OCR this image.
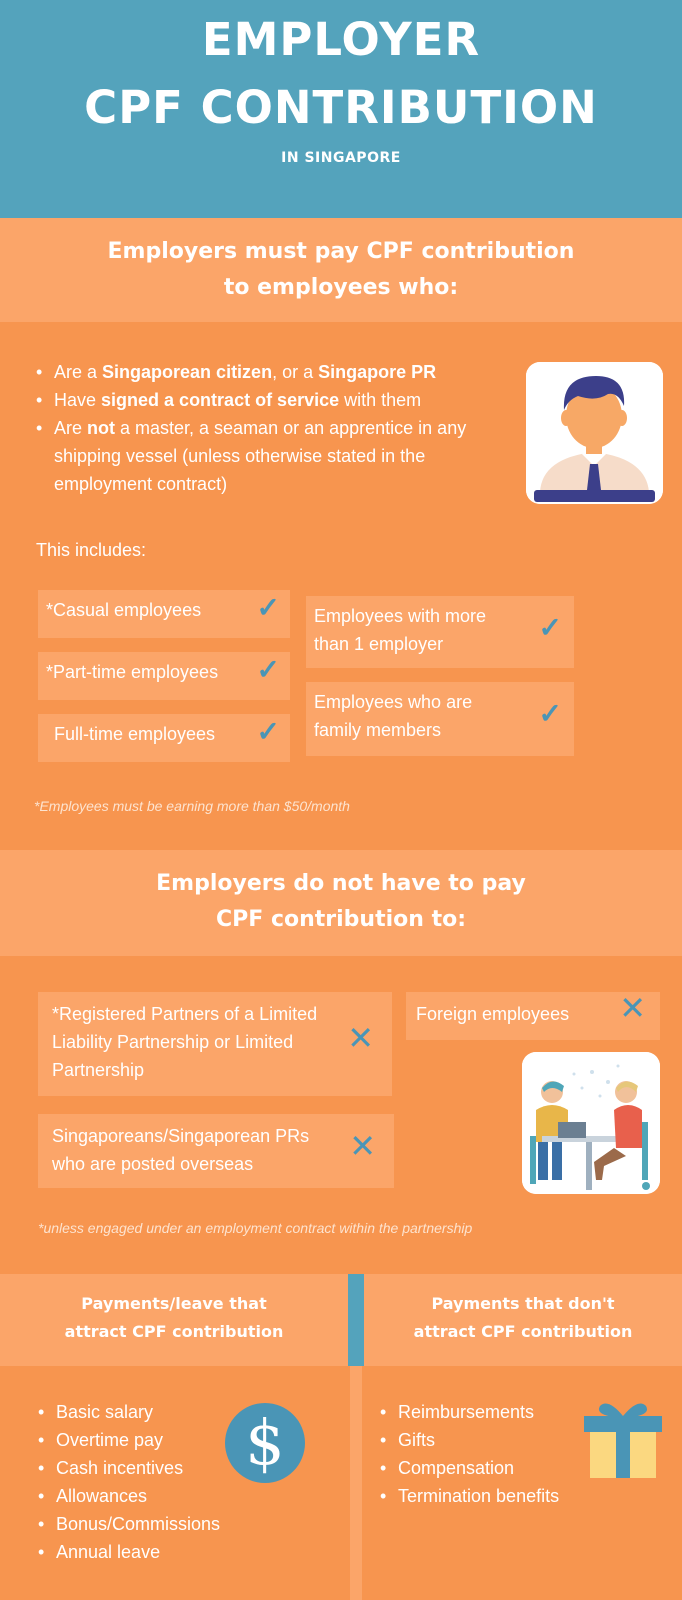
EMPLOYER
CPF CONTRIBUTION
IN SINGAPORE
Employers must pay CPF contribution
to employees who:
• Are a Singaporean citizen, or a Singapore PR
• Have signed a contract of service with them
• Are not a master, a seaman or an apprentice in any shipping vessel (unless otherwise stated in the employment contract)
This includes:
*Casual employees ✓
*Part-time employees ✓
Full-time employees ✓
Employees with more than 1 employer
✓
Employees who are family members
✓
*Employees must be earning more than $50/month
Employers do not have to pay
CPF contribution to:
*Registered Partners of a Limited Liability Partnership or Limited Partnership
✕
Foreign employees ✕
Singaporeans/Singaporean PRs who are posted overseas	✕
*unless engaged under an employment contract within the partnership
Payments/leave that
attract CPF contribution
Payments that don't
attract CPF contribution
• Basic salary
• Overtime pay
• Cash incentives
• Allowances
• Bonus/Commissions
• Annual leave
$
•	Reimbursements
• Gifts
• Compensation
• Termination benefits
